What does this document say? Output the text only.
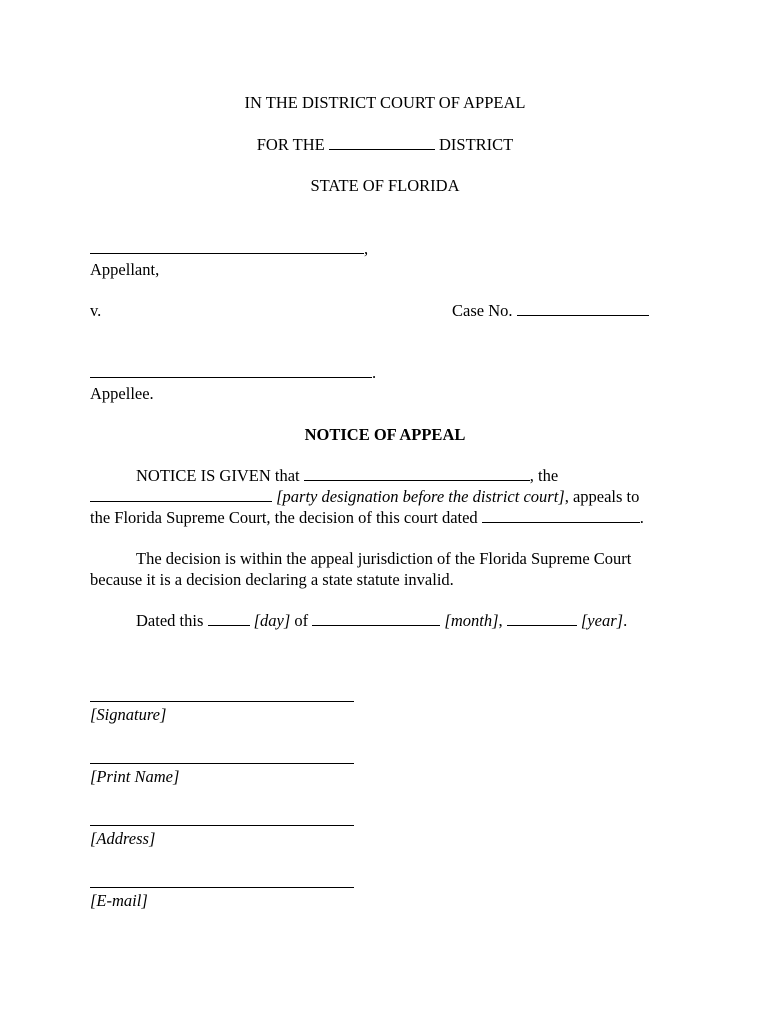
IN THE DISTRICT COURT OF APPEAL
FOR THE	DISTRICT
STATE OF FLORIDA
,
Appellant,
v.	Case No.
.
Appellee.
NOTICE OF APPEAL
NOTICE IS GIVEN that	, the
[party designation before the district court], appeals to
the Florida Supreme Court, the decision of this court dated	.
The decision is within the appeal jurisdiction of the Florida Supreme Court
because it is a decision declaring a state statute invalid.
Dated this	[day] of	[month],	[year].
[Signature]
[Print Name]
[Address]
[E-mail]
